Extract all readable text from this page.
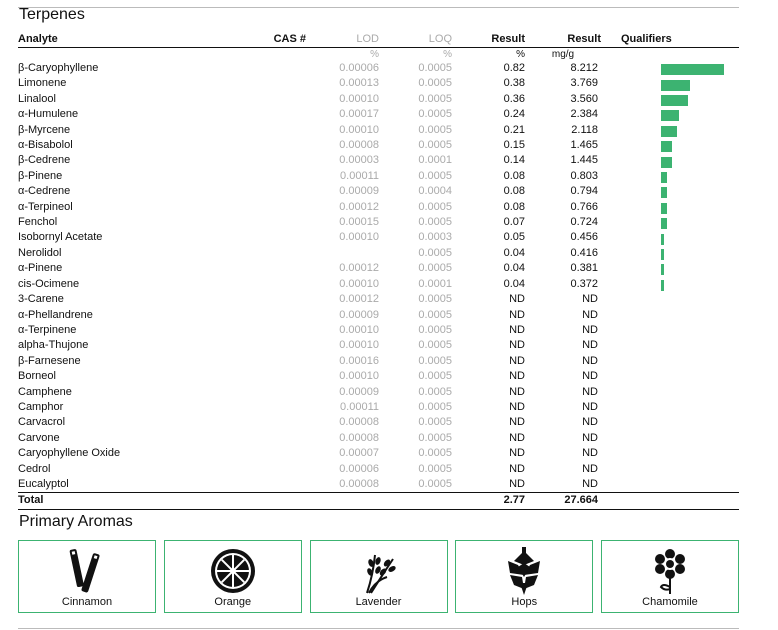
Terpenes
Analyte	CAS #	LOD	LOQ	Result	Result	Qualifiers
		%	%	%	mg/g	
β-Caryophyllene		0.00006	0.0005	0.82	8.212	

Limonene		0.00013	0.0005	0.38	3.769	

Linalool		0.00010	0.0005	0.36	3.560	

α-Humulene		0.00017	0.0005	0.24	2.384	

β-Myrcene		0.00010	0.0005	0.21	2.118	

α-Bisabolol		0.00008	0.0005	0.15	1.465	

β-Cedrene		0.00003	0.0001	0.14	1.445	

β-Pinene		0.00011	0.0005	0.08	0.803	

α-Cedrene		0.00009	0.0004	0.08	0.794	

α-Terpineol		0.00012	0.0005	0.08	0.766	

Fenchol		0.00015	0.0005	0.07	0.724	

Isobornyl Acetate		0.00010	0.0003	0.05	0.456	

Nerolidol			0.0005	0.04	0.416	

α-Pinene		0.00012	0.0005	0.04	0.381	

cis-Ocimene		0.00010	0.0001	0.04	0.372	

3-Carene		0.00012	0.0005	ND	ND	
α-Phellandrene		0.00009	0.0005	ND	ND	
α-Terpinene		0.00010	0.0005	ND	ND	
alpha-Thujone		0.00010	0.0005	ND	ND	
β-Farnesene		0.00016	0.0005	ND	ND	
Borneol		0.00010	0.0005	ND	ND	
Camphene		0.00009	0.0005	ND	ND	
Camphor		0.00011	0.0005	ND	ND	
Carvacrol		0.00008	0.0005	ND	ND	
Carvone		0.00008	0.0005	ND	ND	
Caryophyllene Oxide		0.00007	0.0005	ND	ND	
Cedrol		0.00006	0.0005	ND	ND	
Eucalyptol		0.00008	0.0005	ND	ND	
Total				2.77	27.664	
Primary Aromas
Cinnamon	Orange	Lavender	Hops	Chamomile
